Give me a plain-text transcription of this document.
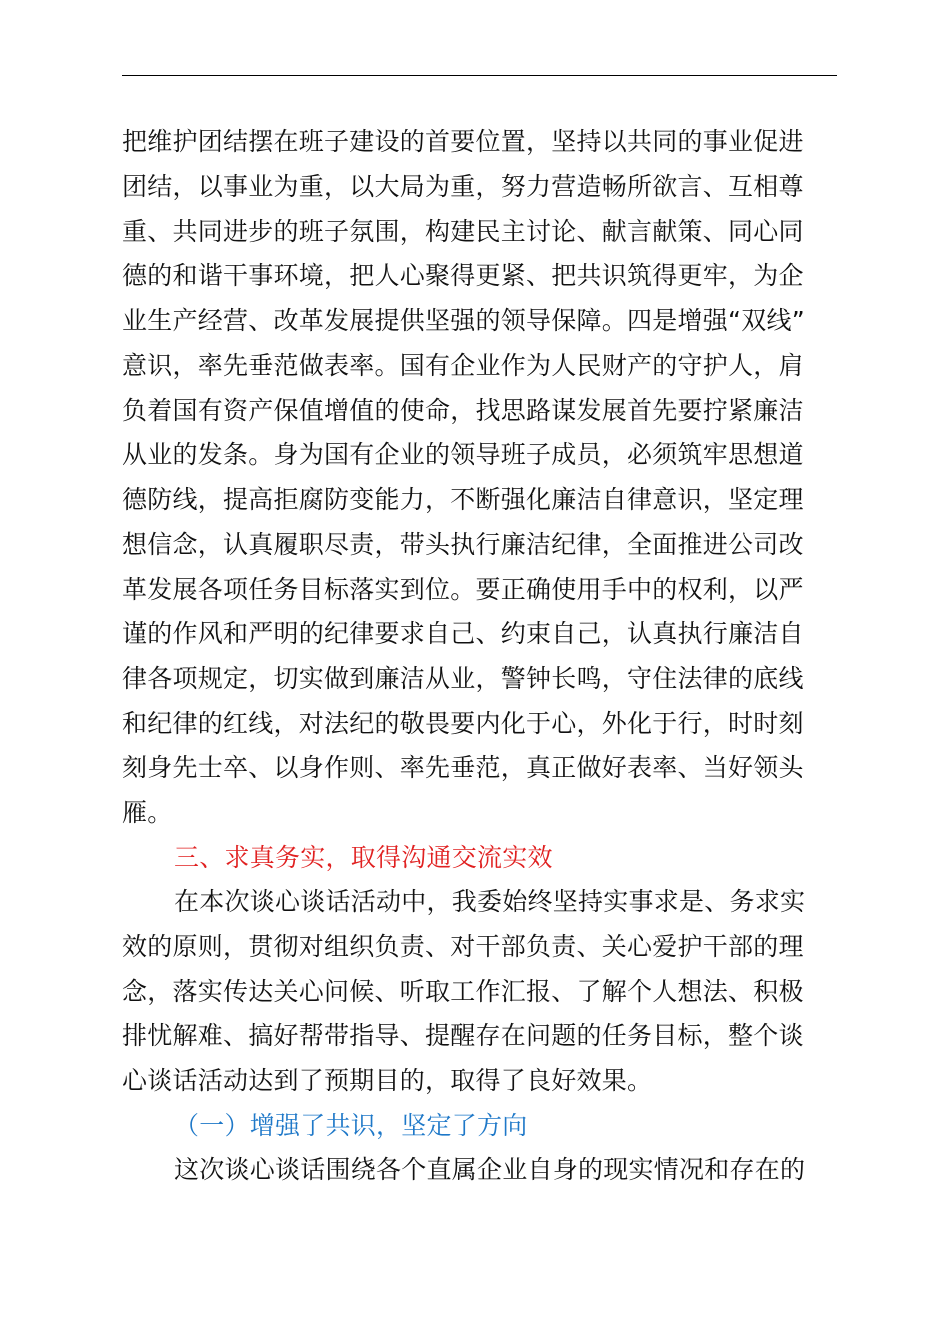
把维护团结摆在班子建设的首要位置，坚持以共同的事业促进
团结，以事业为重，以大局为重，努力营造畅所欲言、互相尊
重、共同进步的班子氛围，构建民主讨论、献言献策、同心同
德的和谐干事环境，把人心聚得更紧、把共识筑得更牢，为企
业生产经营、改革发展提供坚强的领导保障。四是增强“双线”
意识，率先垂范做表率。国有企业作为人民财产的守护人，肩
负着国有资产保值增值的使命，找思路谋发展首先要拧紧廉洁
从业的发条。身为国有企业的领导班子成员，必须筑牢思想道
德防线，提高拒腐防变能力，不断强化廉洁自律意识，坚定理
想信念，认真履职尽责，带头执行廉洁纪律，全面推进公司改
革发展各项任务目标落实到位。要正确使用手中的权利，以严
谨的作风和严明的纪律要求自己、约束自己，认真执行廉洁自
律各项规定，切实做到廉洁从业，警钟长鸣，守住法律的底线
和纪律的红线，对法纪的敬畏要内化于心，外化于行，时时刻
刻身先士卒、以身作则、率先垂范，真正做好表率、当好领头
雁。
三、求真务实，取得沟通交流实效
在本次谈心谈话活动中，我委始终坚持实事求是、务求实
效的原则，贯彻对组织负责、对干部负责、关心爱护干部的理
念，落实传达关心问候、听取工作汇报、了解个人想法、积极
排忧解难、搞好帮带指导、提醒存在问题的任务目标，整个谈
心谈话活动达到了预期目的，取得了良好效果。
（一）增强了共识，坚定了方向
这次谈心谈话围绕各个直属企业自身的现实情况和存在的
